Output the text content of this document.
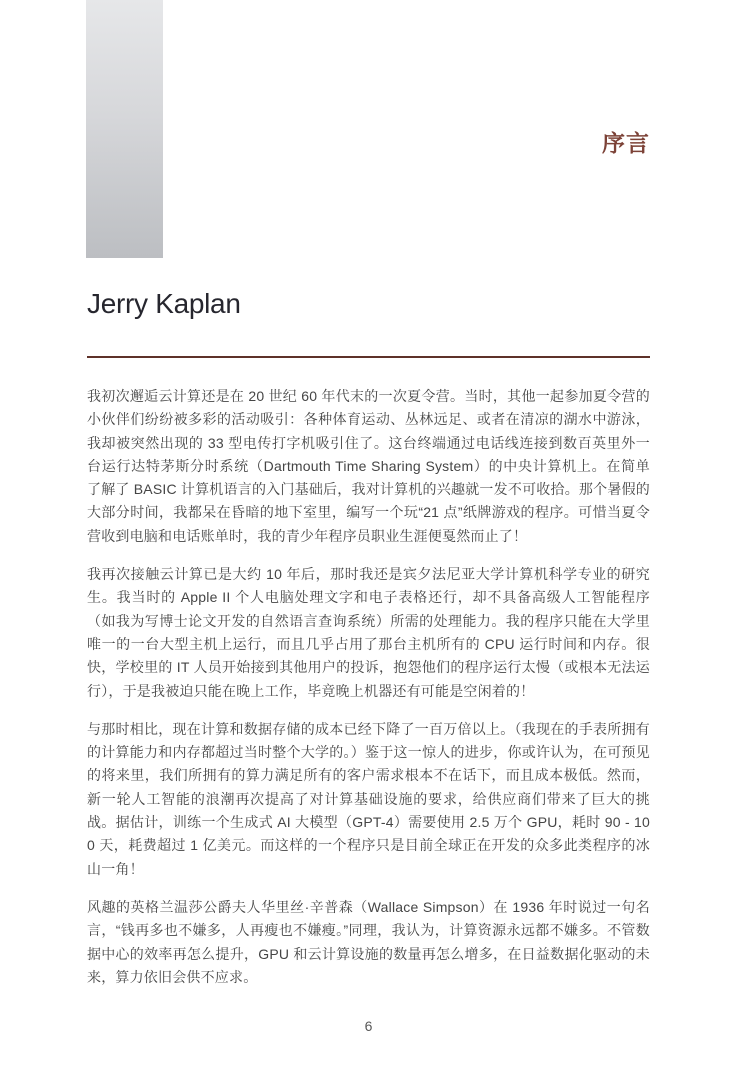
序言
Jerry Kaplan

我初次邂逅云计算还是在 20 世纪 60 年代末的一次夏令营。当时，其他一起参加夏令营的小伙伴们纷纷被多彩的活动吸引：各种体育运动、丛林远足、或者在清凉的湖水中游泳，我却被突然出现的 33 型电传打字机吸引住了。这台终端通过电话线连接到数百英里外一台运行达特茅斯分时系统（Dartmouth Time Sharing System）的中央计算机上。在简单了解了 BASIC 计算机语言的入门基础后，我对计算机的兴趣就一发不可收拾。那个暑假的大部分时间，我都呆在昏暗的地下室里，编写一个玩“21 点”纸牌游戏的程序。可惜当夏令营收到电脑和电话账单时，我的青少年程序员职业生涯便戛然而止了！

我再次接触云计算已是大约 10 年后，那时我还是宾夕法尼亚大学计算机科学专业的研究生。我当时的 Apple II 个人电脑处理文字和电子表格还行，却不具备高级人工智能程序（如我为写博士论文开发的自然语言查询系统）所需的处理能力。我的程序只能在大学里唯一的一台大型主机上运行，而且几乎占用了那台主机所有的 CPU 运行时间和内存。很快，学校里的 IT 人员开始接到其他用户的投诉，抱怨他们的程序运行太慢（或根本无法运行），于是我被迫只能在晚上工作，毕竟晚上机器还有可能是空闲着的！

与那时相比，现在计算和数据存储的成本已经下降了一百万倍以上。（我现在的手表所拥有的计算能力和内存都超过当时整个大学的。）鉴于这一惊人的进步，你或许认为，在可预见的将来里，我们所拥有的算力满足所有的客户需求根本不在话下，而且成本极低。然而，新一轮人工智能的浪潮再次提高了对计算基础设施的要求，给供应商们带来了巨大的挑战。据估计，训练一个生成式 AI 大模型（GPT-4）需要使用 2.5 万个 GPU，耗时 90 - 100 天，耗费超过 1 亿美元。而这样的一个程序只是目前全球正在开发的众多此类程序的冰山一角！

风趣的英格兰温莎公爵夫人华里丝·辛普森（Wallace Simpson）在 1936 年时说过一句名言，“钱再多也不嫌多，人再瘦也不嫌瘦。”同理，我认为，计算资源永远都不嫌多。不管数据中心的效率再怎么提升，GPU 和云计算设施的数量再怎么增多，在日益数据化驱动的未来，算力依旧会供不应求。

6
